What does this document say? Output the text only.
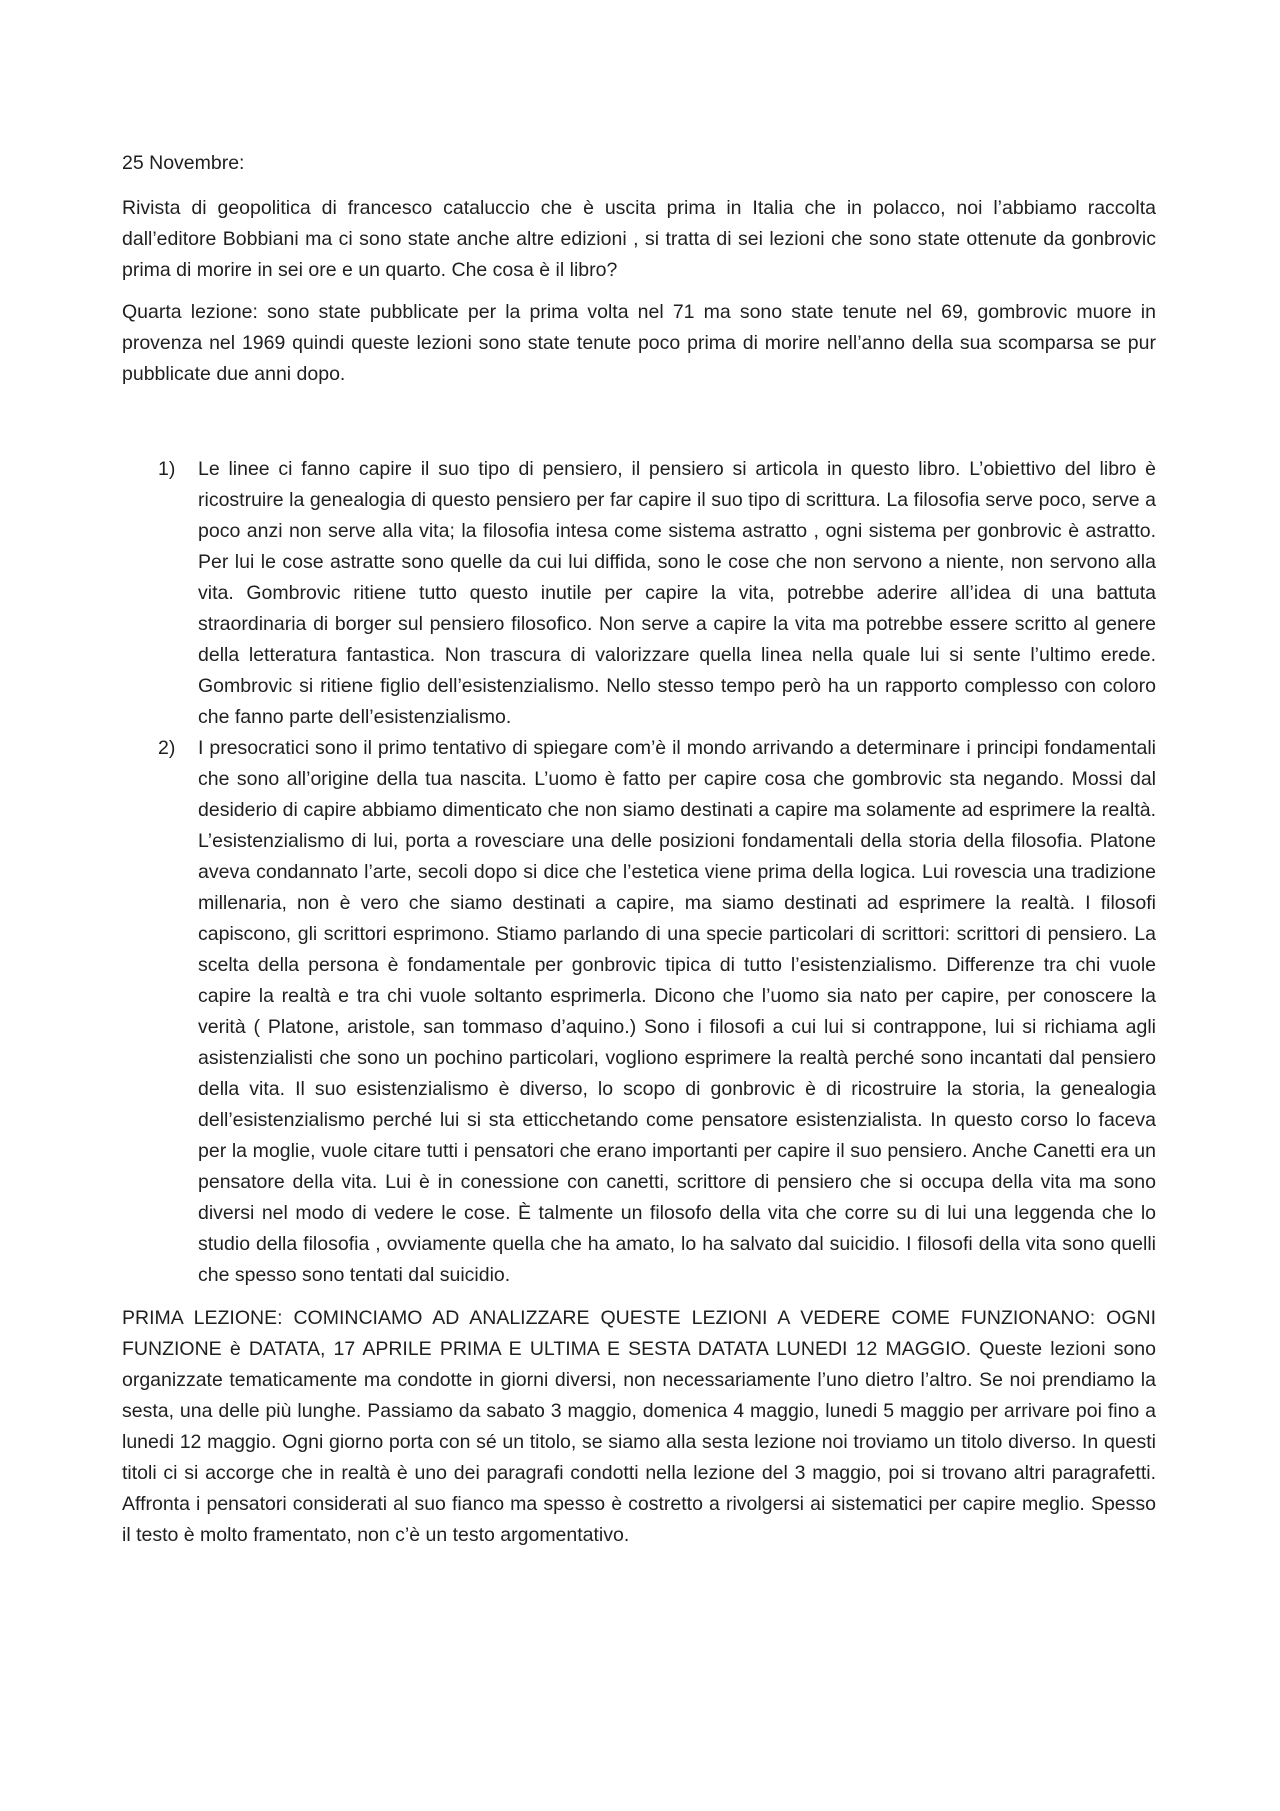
25 Novembre:

Rivista di geopolitica di francesco cataluccio che è uscita prima in Italia che in polacco, noi l’abbiamo raccolta dall’editore Bobbiani ma ci sono state anche altre edizioni , si tratta di sei lezioni che sono state ottenute da gonbrovic prima di morire in sei ore e un quarto. Che cosa è il libro?

Quarta lezione: sono state pubblicate per la prima volta nel 71 ma sono state tenute nel 69, gombrovic muore in provenza nel 1969 quindi queste lezioni sono state tenute poco prima di morire nell’anno della sua scomparsa se pur pubblicate due anni dopo.

1) Le linee ci fanno capire il suo tipo di pensiero, il pensiero si articola in questo libro. L’obiettivo del libro è ricostruire la genealogia di questo pensiero per far capire il suo tipo di scrittura. La filosofia serve poco, serve a poco anzi non serve alla vita; la filosofia intesa come sistema astratto , ogni sistema per gonbrovic è astratto. Per lui le cose astratte sono quelle da cui lui diffida, sono le cose che non servono a niente, non servono alla vita. Gombrovic ritiene tutto questo inutile per capire la vita, potrebbe aderire all’idea di una battuta straordinaria di borger sul pensiero filosofico. Non serve a capire la vita ma potrebbe essere scritto al genere della letteratura fantastica. Non trascura di valorizzare quella linea nella quale lui si sente l’ultimo erede. Gombrovic si ritiene figlio dell’esistenzialismo. Nello stesso tempo però ha un rapporto complesso con coloro che fanno parte dell’esistenzialismo.
2) I presocratici sono il primo tentativo di spiegare com’è il mondo arrivando a determinare i principi fondamentali che sono all’origine della tua nascita. L’uomo è fatto per capire cosa che gombrovic sta negando. Mossi dal desiderio di capire abbiamo dimenticato che non siamo destinati a capire ma solamente ad esprimere la realtà. L’esistenzialismo di lui, porta a rovesciare una delle posizioni fondamentali della storia della filosofia. Platone aveva condannato l’arte, secoli dopo si dice che l’estetica viene prima della logica. Lui rovescia una tradizione millenaria, non è vero che siamo destinati a capire, ma siamo destinati ad esprimere la realtà. I filosofi capiscono, gli scrittori esprimono. Stiamo parlando di una specie particolari di scrittori: scrittori di pensiero. La scelta della persona è fondamentale per gonbrovic tipica di tutto l’esistenzialismo. Differenze tra chi vuole capire la realtà e tra chi vuole soltanto esprimerla. Dicono che l’uomo sia nato per capire, per conoscere la verità ( Platone, aristole, san tommaso d’aquino.) Sono i filosofi a cui lui si contrappone, lui si richiama agli asistenzialisti che sono un pochino particolari, vogliono esprimere la realtà perché sono incantati dal pensiero della vita. Il suo esistenzialismo è diverso, lo scopo di gonbrovic è di ricostruire la storia, la genealogia dell’esistenzialismo perché lui si sta etticchetando come pensatore esistenzialista. In questo corso lo faceva per la moglie, vuole citare tutti i pensatori che erano importanti per capire il suo pensiero. Anche Canetti era un pensatore della vita. Lui è in conessione con canetti, scrittore di pensiero che si occupa della vita ma sono diversi nel modo di vedere le cose. È talmente un filosofo della vita che corre su di lui una leggenda che lo studio della filosofia , ovviamente quella che ha amato, lo ha salvato dal suicidio. I filosofi della vita sono quelli che spesso sono tentati dal suicidio.

PRIMA LEZIONE: COMINCIAMO AD ANALIZZARE QUESTE LEZIONI A VEDERE COME FUNZIONANO: OGNI FUNZIONE è DATATA, 17 APRILE PRIMA E ULTIMA E SESTA DATATA LUNEDI 12 MAGGIO. Queste lezioni sono organizzate tematicamente ma condotte in giorni diversi, non necessariamente l’uno dietro l’altro. Se noi prendiamo la sesta, una delle più lunghe. Passiamo da sabato 3 maggio, domenica 4 maggio, lunedi 5 maggio per arrivare poi fino a lunedi 12 maggio. Ogni giorno porta con sé un titolo, se siamo alla sesta lezione noi troviamo un titolo diverso. In questi titoli ci si accorge che in realtà è uno dei paragrafi condotti nella lezione del 3 maggio, poi si trovano altri paragrafetti. Affronta i pensatori considerati al suo fianco ma spesso è costretto a rivolgersi ai sistematici per capire meglio. Spesso il testo è molto framentato, non c’è un testo argomentativo.
